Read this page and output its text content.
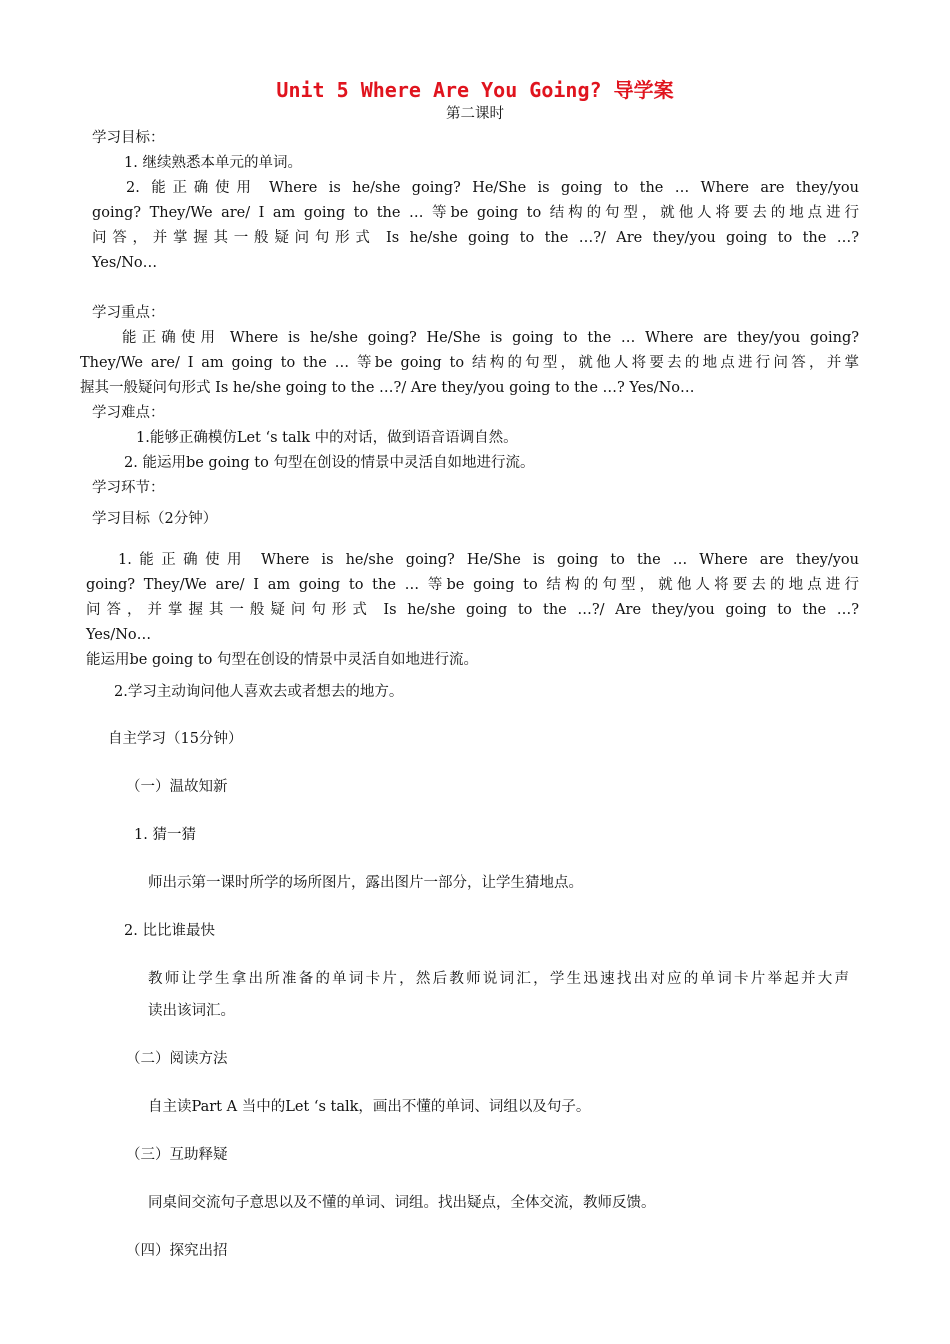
Unit 5 Where Are You Going? 导学案
第二课时
学习目标：
1. 继续熟悉本单元的单词。
2. 能正确使用 Where is he/she going? He/She is going to the … Where are they/you
going? They/We are/ I am going to the … 等be going to 结构的句型，就他人将要去的地点进行
问答，并掌握其一般疑问句形式 Is he/she going to the …?/ Are they/you going to the …?
Yes/No…
学习重点：
能正确使用 Where is he/she going? He/She is going to the … Where are they/you going?
They/We are/ I am going to the … 等be going to 结构的句型，就他人将要去的地点进行问答，并掌
握其一般疑问句形式 Is he/she going to the …?/ Are they/you going to the …? Yes/No…
学习难点：
1.能够正确模仿Let ‘s talk 中的对话，做到语音语调自然。
2. 能运用be going to 句型在创设的情景中灵活自如地进行流。
学习环节：
学习目标（2分钟）
1.能正确使用 Where is he/she going? He/She is going to the … Where are they/you
going? They/We are/ I am going to the … 等be going to 结构的句型，就他人将要去的地点进行
问答，并掌握其一般疑问句形式 Is he/she going to the …?/ Are they/you going to the …?
Yes/No…
能运用be going to 句型在创设的情景中灵活自如地进行流。
2.学习主动询问他人喜欢去或者想去的地方。
自主学习（15分钟）
（一）温故知新
1. 猜一猜
师出示第一课时所学的场所图片，露出图片一部分，让学生猜地点。
2. 比比谁最快
教师让学生拿出所准备的单词卡片，然后教师说词汇，学生迅速找出对应的单词卡片举起并大声
读出该词汇。
（二）阅读方法
自主读Part A 当中的Let ‘s talk，画出不懂的单词、词组以及句子。
（三）互助释疑
同桌间交流句子意思以及不懂的单词、词组。找出疑点，全体交流，教师反馈。
（四）探究出招
